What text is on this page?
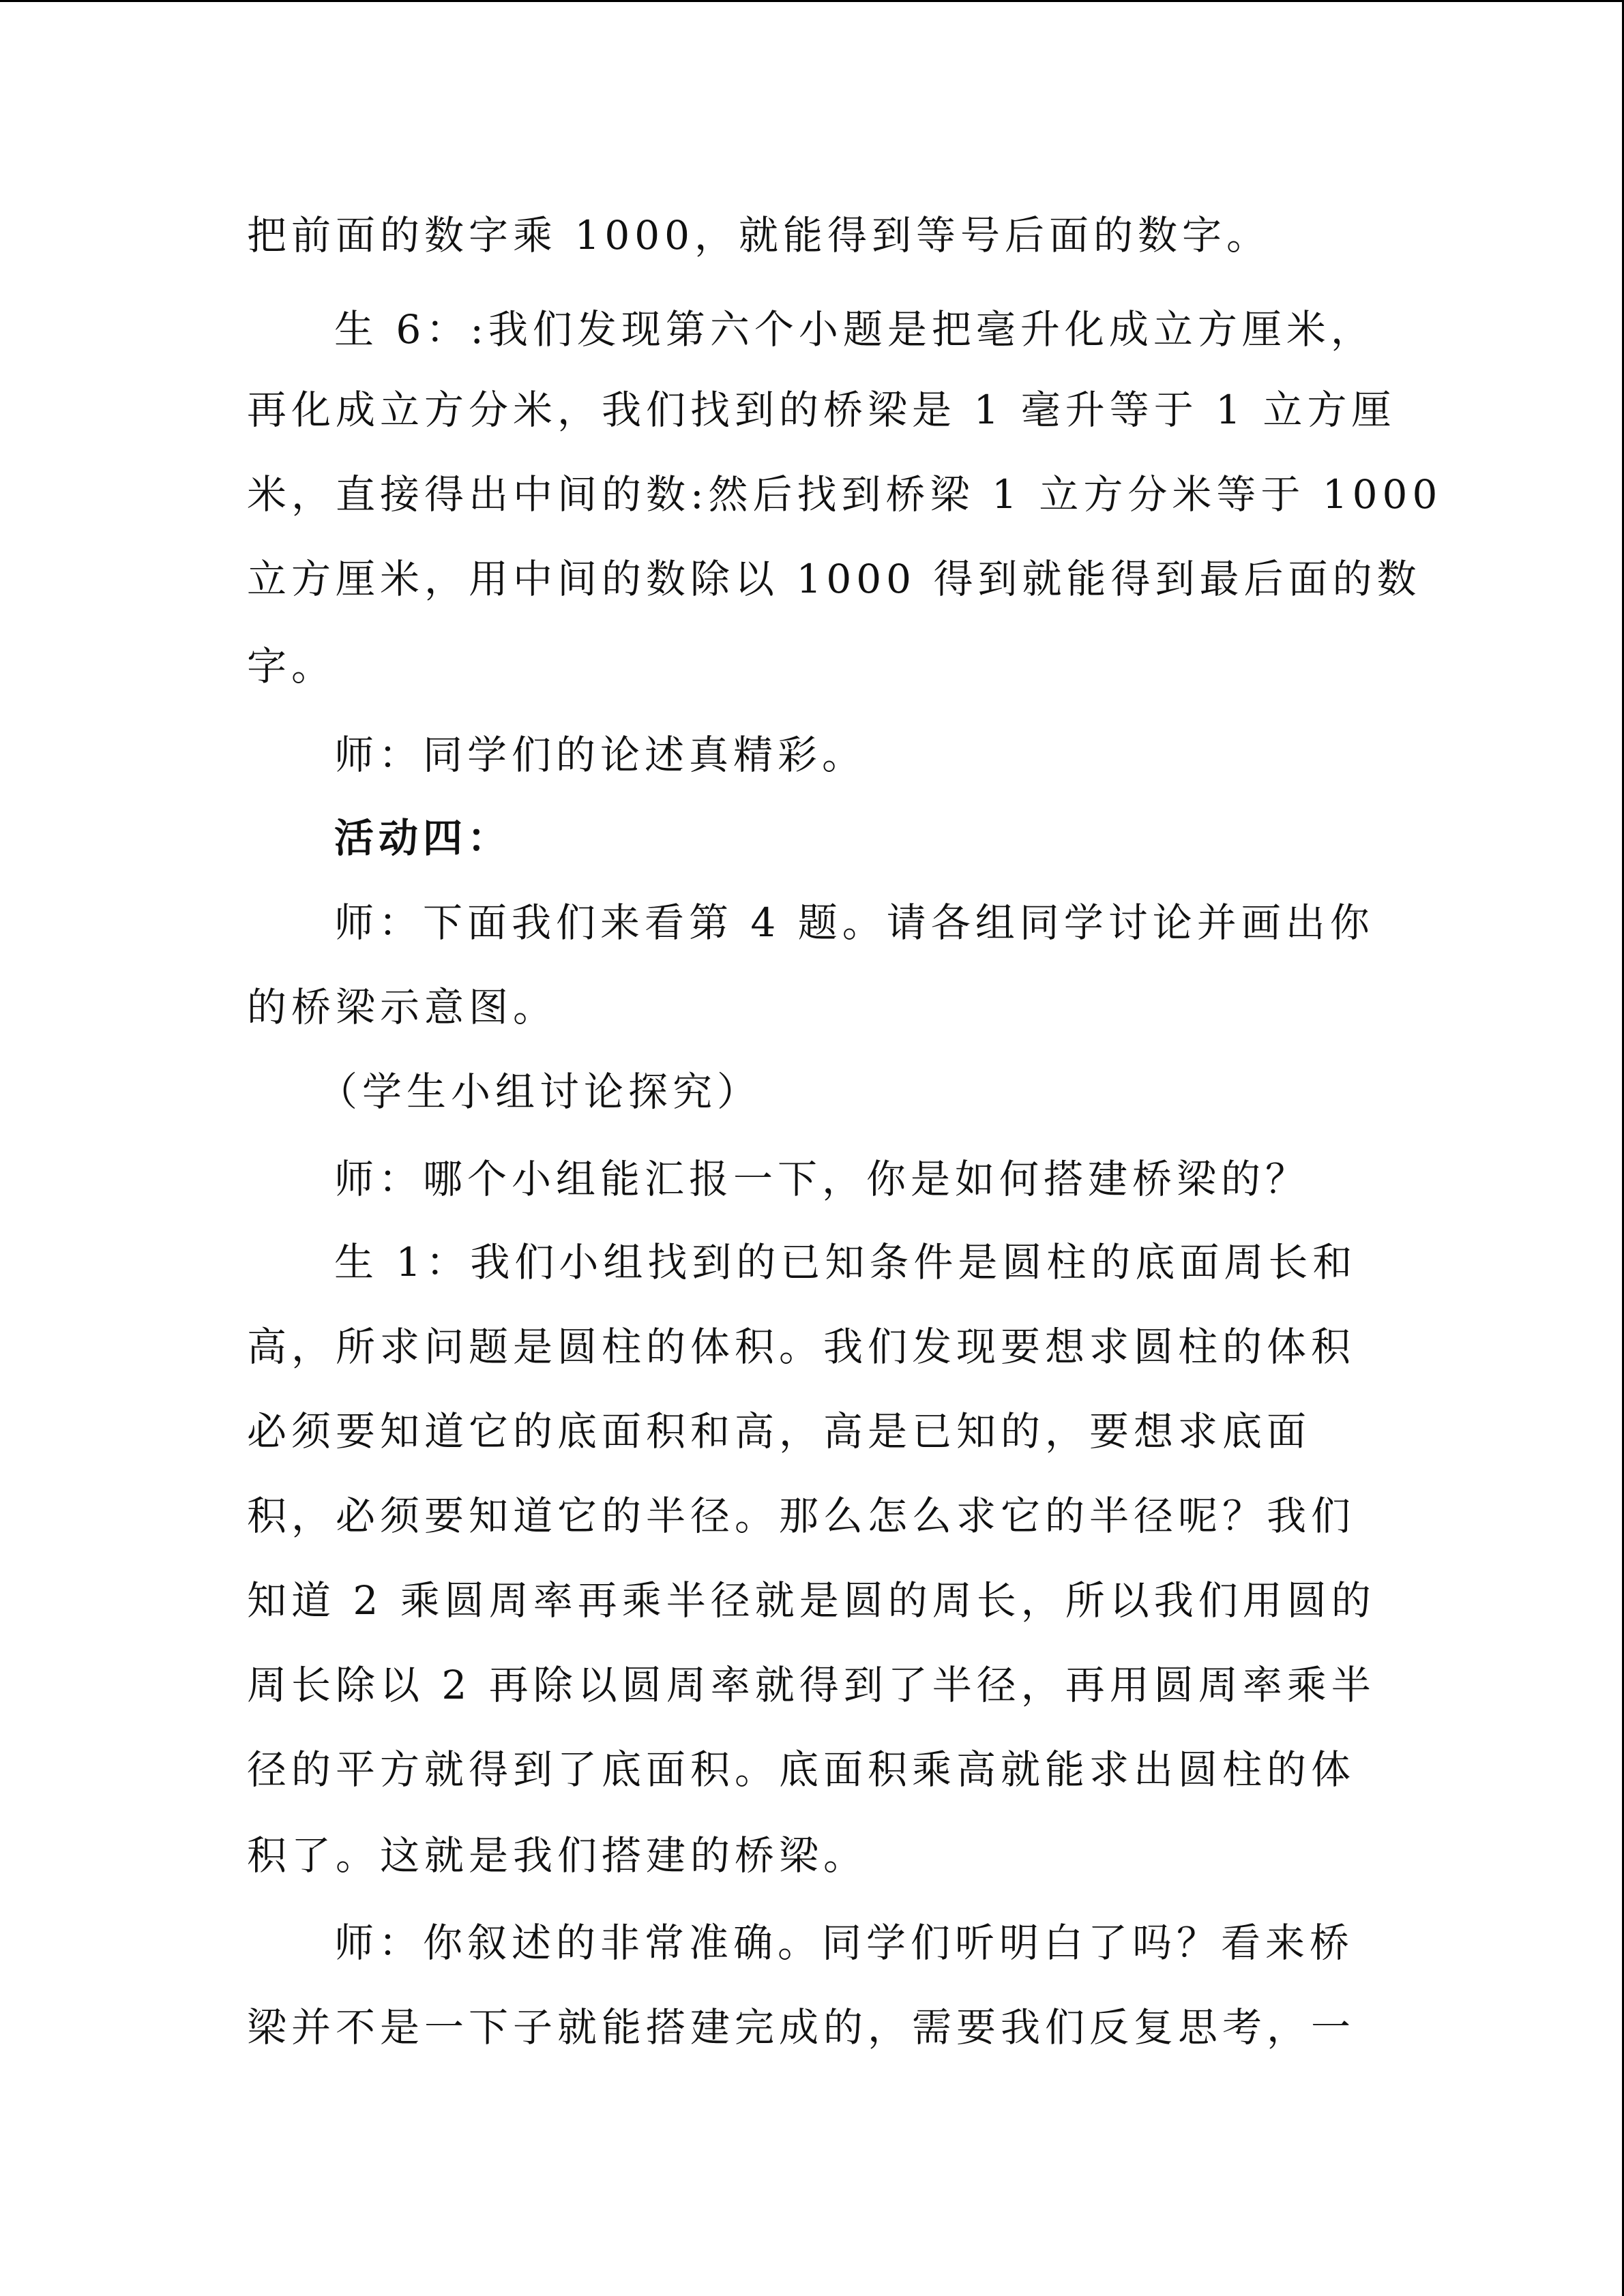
把前面的数字乘 1000，就能得到等号后面的数字。
生 6：:我们发现第六个小题是把毫升化成立方厘米，
再化成立方分米，我们找到的桥梁是 1 毫升等于 1 立方厘
米，直接得出中间的数:然后找到桥梁 1 立方分米等于 1000
立方厘米，用中间的数除以 1000 得到就能得到最后面的数
字。
师：同学们的论述真精彩。
活动四：
师：下面我们来看第 4 题。请各组同学讨论并画出你
的桥梁示意图。
（学生小组讨论探究）
师：哪个小组能汇报一下，你是如何搭建桥梁的？
生 1：我们小组找到的已知条件是圆柱的底面周长和
高，所求问题是圆柱的体积。我们发现要想求圆柱的体积
必须要知道它的底面积和高，高是已知的，要想求底面
积，必须要知道它的半径。那么怎么求它的半径呢？我们
知道 2 乘圆周率再乘半径就是圆的周长，所以我们用圆的
周长除以 2 再除以圆周率就得到了半径，再用圆周率乘半
径的平方就得到了底面积。底面积乘高就能求出圆柱的体
积了。这就是我们搭建的桥梁。
师：你叙述的非常准确。同学们听明白了吗？看来桥
梁并不是一下子就能搭建完成的，需要我们反复思考，一
